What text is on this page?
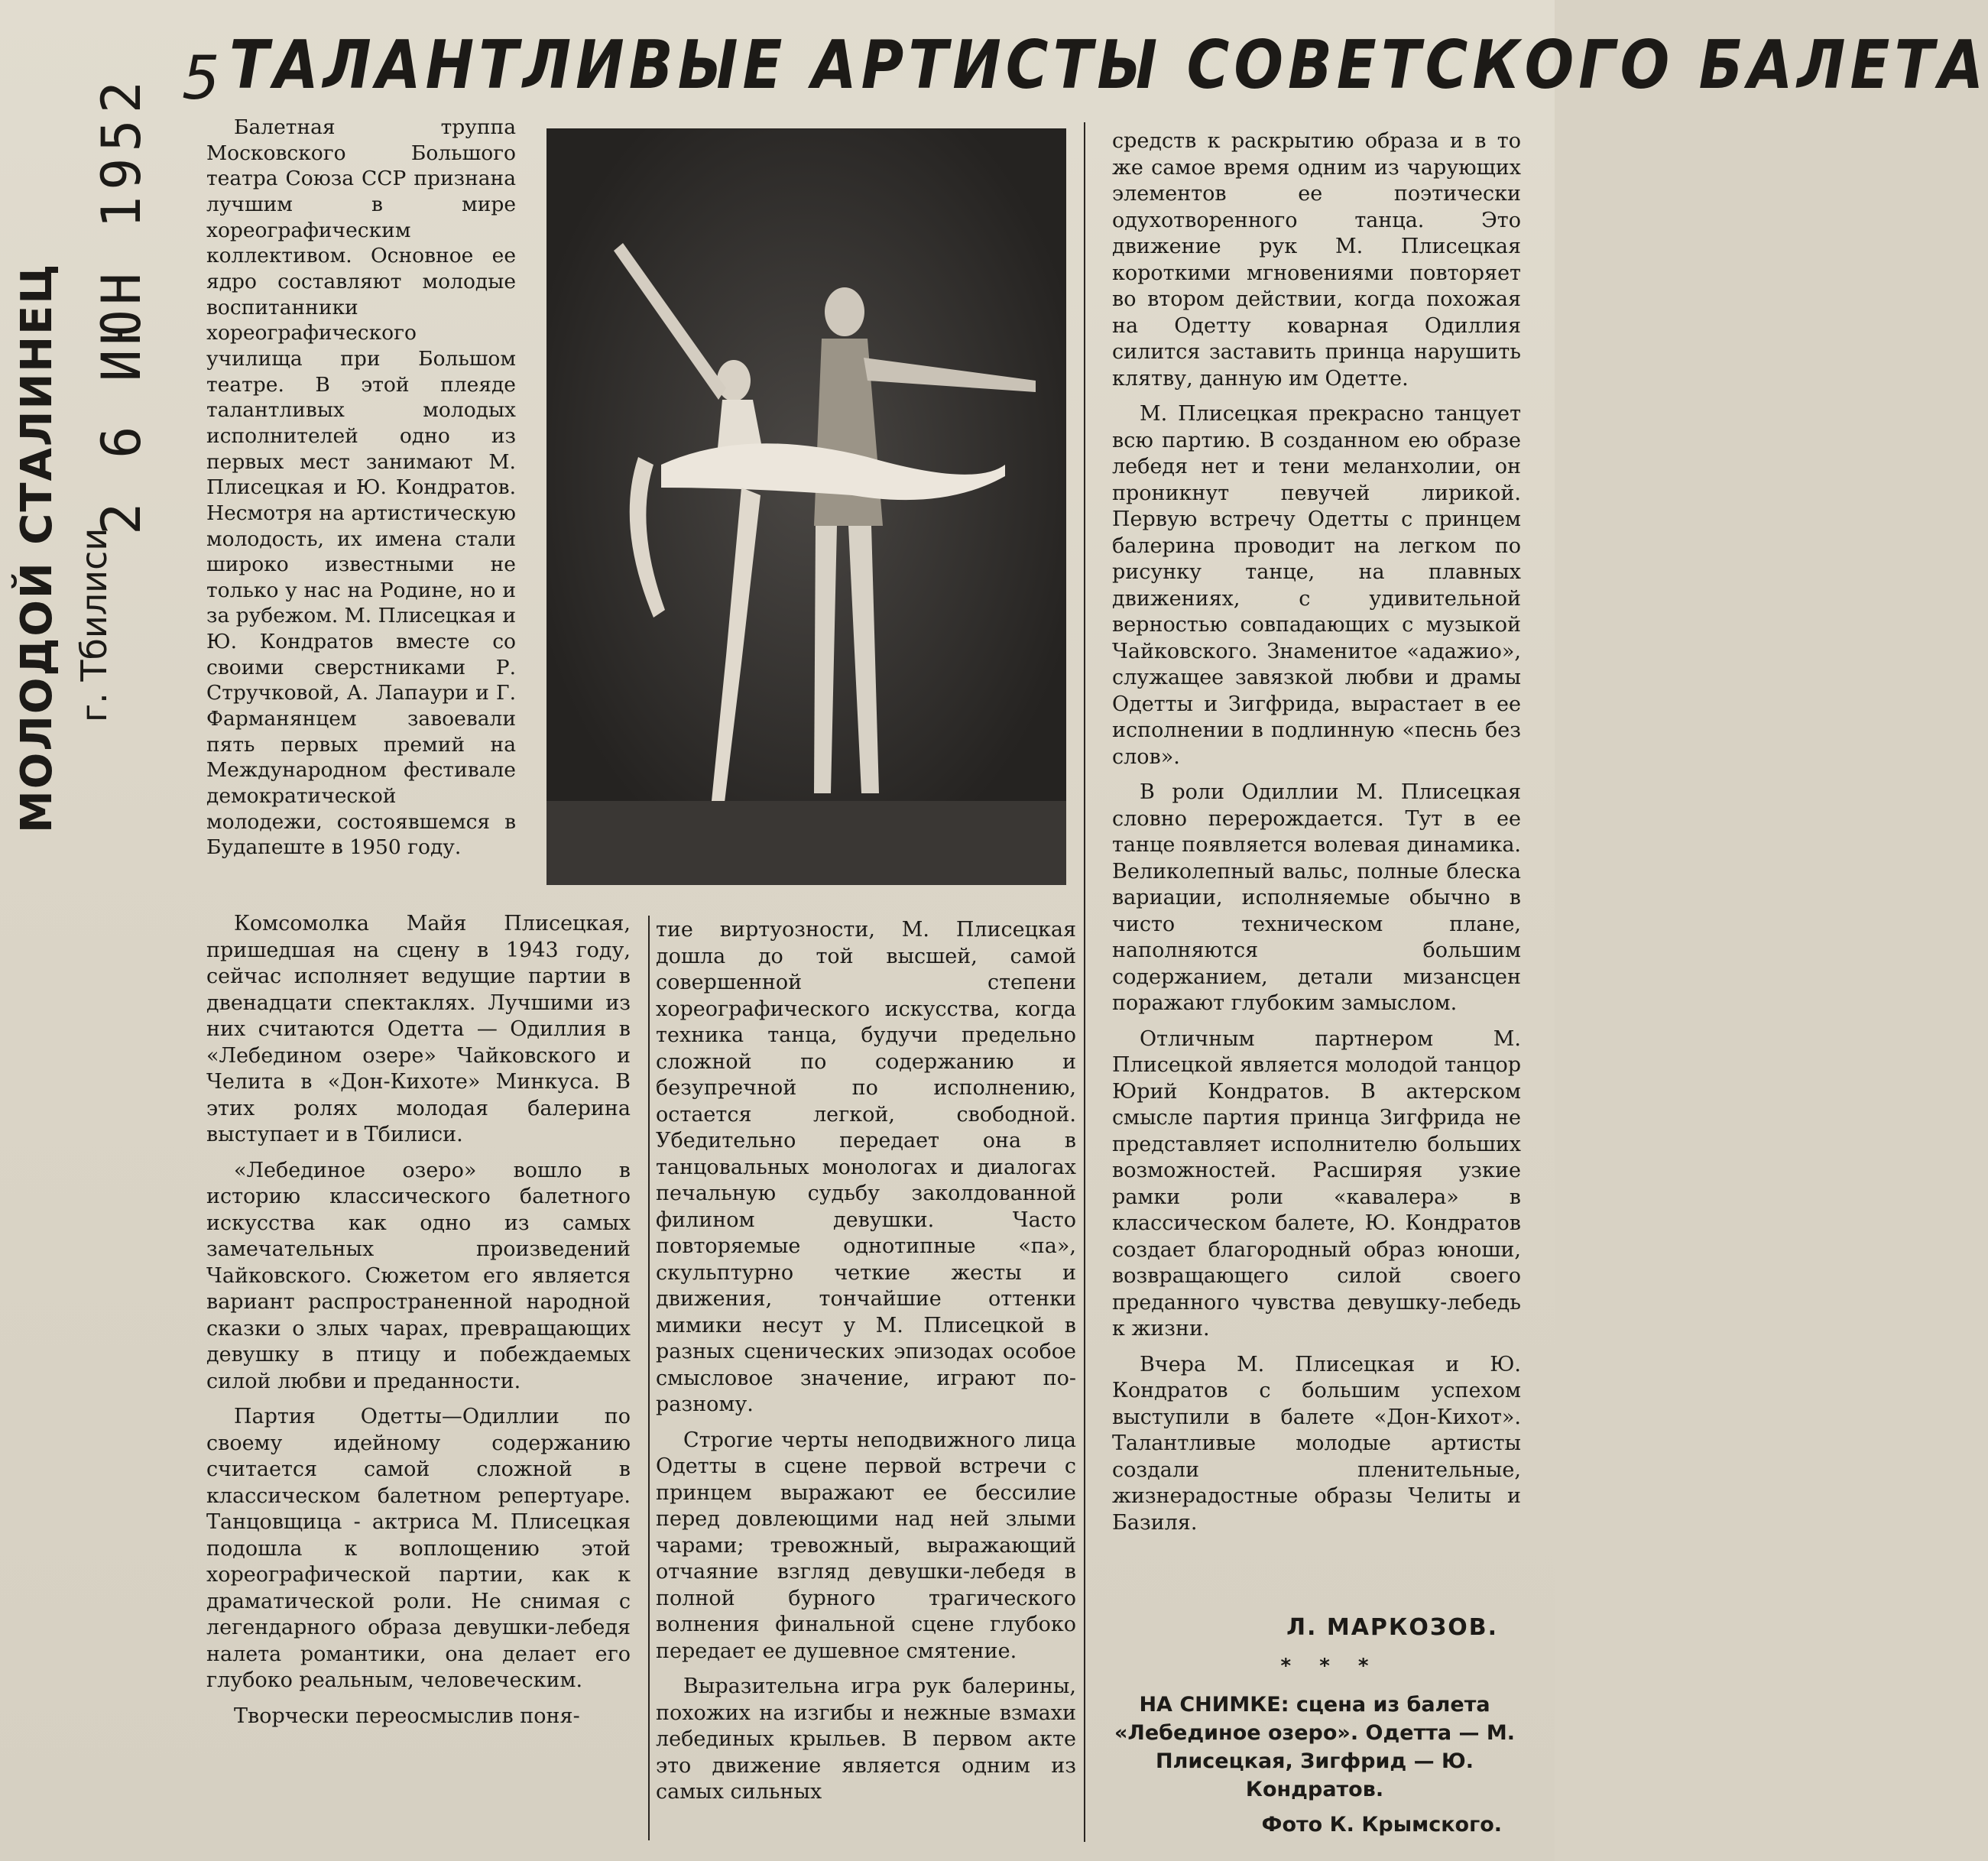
5 ТАЛАНТЛИВЫЕ АРТИСТЫ СОВЕТСКОГО БАЛЕТА
МОЛОДОЙ СТАЛИНЕЦ г. Тбилиси
2 6 ИЮН 1952	Балетная труппа Московского Большого театра Союза ССР признана лучшим в мире хореографическим коллективом. Основное ее ядро составляют молодые воспитанники хореографического училища при Большом театре. В этой плеяде талантливых молодых исполнителей одно из первых мест занимают М. Плисецкая и Ю. Кондратов. Несмотря на артистическую молодость, их имена стали широко известными не только у нас на Родине, но и за рубежом. М. Плисецкая и Ю. Кондратов вместе со своими сверстниками Р. Стручковой, А. Лапаури и Г. Фарманянцем завоевали пять первых премий на Международном фестивале демократической молодежи, состоявшемся в Будапеште в 1950 году.

средств к раскрытию образа и в то же самое время одним из чарующих элементов ее поэтически одухотворенного танца. Это движение рук М. Плисецкая короткими мгновениями повторяет во втором действии, когда похожая на Одетту коварная Одиллия силится заставить принца нарушить клятву, данную им Одетте.

М. Плисецкая прекрасно танцует всю партию. В созданном ею образе лебедя нет и тени меланхолии, он проникнут певучей лирикой. Первую встречу Одетты с принцем балерина проводит на легком по рисунку танце, на плавных движениях, с удивительной верностью совпадающих с музыкой Чайковского. Знаменитое «адажио», служащее завязкой любви и драмы Одетты и Зигфрида, вырастает в ее исполнении в подлинную «песнь без слов».

В роли Одиллии М. Плисецкая словно перерождается. Тут в ее танце появляется волевая динамика. Великолепный вальс, полные блеска вариации, исполняемые обычно в чисто техническом плане, наполняются большим содержанием, детали мизансцен поражают глубоким замыслом.

Отличным партнером М. Плисецкой является молодой танцор Юрий Кондратов. В актерском смысле партия принца Зигфрида не представляет исполнителю больших возможностей. Расширяя узкие рамки роли «кавалера» в классическом балете, Ю. Кондратов создает благородный образ юноши, возвращающего силой своего преданного чувства девушку-лебедь к жизни.

Вчера М. Плисецкая и Ю. Кондратов с большим успехом выступили в балете «Дон-Кихот». Талантливые молодые артисты создали пленительные, жизнерадостные образы Челиты и Базиля.

Комсомолка Майя Плисецкая, пришедшая на сцену в 1943 году, сейчас исполняет ведущие партии в двенадцати спектаклях. Лучшими из них считаются Одетта — Одиллия в «Лебедином озере» Чайковского и Челита в «Дон-Кихоте» Минкуса. В этих ролях молодая балерина выступает и в Тбилиси.

«Лебединое озеро» вошло в историю классического балетного искусства как одно из самых замечательных произведений Чайковского. Сюжетом его является вариант распространенной народной сказки о злых чарах, превращающих девушку в птицу и побеждаемых силой любви и преданности.

Партия Одетты—Одиллии по своему идейному содержанию считается самой сложной в классическом балетном репертуаре. Танцовщица - актриса М. Плисецкая подошла к воплощению этой хореографической партии, как к драматической роли. Не снимая с легендарного образа девушки-лебедя налета романтики, она делает его глубоко реальным, человеческим.

Творчески переосмыслив поня-

тие виртуозности, М. Плисецкая дошла до той высшей, самой совершенной степени хореографического искусства, когда техника танца, будучи предельно сложной по содержанию и безупречной по исполнению, остается легкой, свободной. Убедительно передает она в танцовальных монологах и диалогах печальную судьбу заколдованной филином девушки. Часто повторяемые однотипные «па», скульптурно четкие жесты и движения, тончайшие оттенки мимики несут у М. Плисецкой в разных сценических эпизодах особое смысловое значение, играют по-разному.

Строгие черты неподвижного лица Одетты в сцене первой встречи с принцем выражают ее бессилие перед довлеющими над ней злыми чарами; тревожный, выражающий отчаяние взгляд девушки-лебедя в полной бурного трагического волнения финальной сцене глубоко передает ее душевное смятение.

Выразительна игра рук балерины, похожих на изгибы и нежные взмахи лебединых крыльев. В первом акте это движение является одним из самых сильных

Л. МАРКОЗОВ.
* * *
НА СНИМКЕ: сцена из балета «Лебединое озеро». Одетта — М. Плисецкая, Зигфрид — Ю. Кондратов.
Фото К. Крымского.
